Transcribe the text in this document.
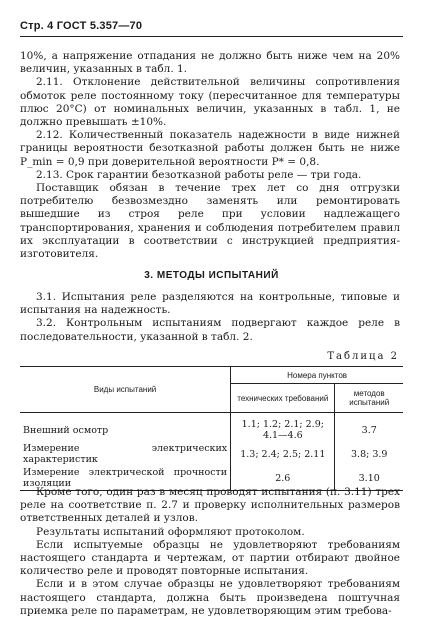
Стр. 4 ГОСТ 5.357—70

10%, а напряжение отпадания не должно быть ниже чем на 20% величин, указанных в табл. 1.

2.11. Отклонение действительной величины сопротивления обмоток реле постоянному току (пересчитанное для температуры плюс 20°C) от номинальных величин, указанных в табл. 1, не должно превышать ±10%.

2.12. Количественный показатель надежности в виде нижней границы вероятности безотказной работы должен быть не ниже P_min = 0,9 при доверительной вероятности P* = 0,8.

2.13. Срок гарантии безотказной работы реле — три года.

Поставщик обязан в течение трех лет со дня отгрузки потребителю безвозмездно заменять или ремонтировать вышедшие из строя реле при условии надлежащего транспортирования, хранения и соблюдения потребителем правил их эксплуатации в соответствии с инструкцией предприятия-изготовителя.

3. МЕТОДЫ ИСПЫТАНИЙ

3.1. Испытания реле разделяются на контрольные, типовые и испытания на надежность.

3.2. Контрольным испытаниям подвергают каждое реле в последовательности, указанной в табл. 2.

Таблица 2
Виды испытаний	Номера пунктов	
	технических требований	методов испытаний
Внешний осмотр	1.1; 1.2; 2.1; 2.9; 4.1—4.6	3.7
Измерение электрических характеристик	1.3; 2.4; 2.5; 2.11	3.8; 3.9
Измерение электрической прочности изоляции	2.6	3.10

Кроме того, один раз в месяц проводят испытания (п. 3.11) трех реле на соответствие п. 2.7 и проверку исполнительных размеров ответственных деталей и узлов.

Результаты испытаний оформляют протоколом.

Если испытуемые образцы не удовлетворяют требованиям настоящего стандарта и чертежам, от партии отбирают двойное количество реле и проводят повторные испытания.

Если и в этом случае образцы не удовлетворяют требованиям настоящего стандарта, должна быть произведена поштучная приемка реле по параметрам, не удовлетворяющим этим требова-
